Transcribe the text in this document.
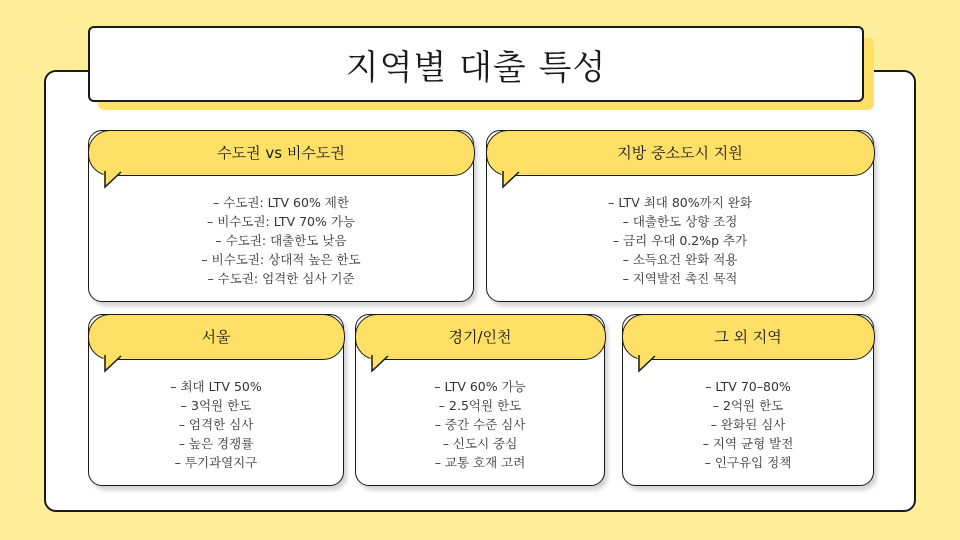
지역별 대출 특성
수도권 vs 비수도권
– 수도권: LTV 60% 제한
– 비수도권: LTV 70% 가능
– 수도권: 대출한도 낮음
– 비수도권: 상대적 높은 한도
– 수도권: 엄격한 심사 기준
지방 중소도시 지원
– LTV 최대 80%까지 완화
– 대출한도 상향 조정
– 금리 우대 0.2%p 추가
– 소득요건 완화 적용
– 지역발전 촉진 목적
서울
– 최대 LTV 50%
– 3억원 한도
– 엄격한 심사
– 높은 경쟁률
– 투기과열지구
경기/인천
– LTV 60% 가능
– 2.5억원 한도
– 중간 수준 심사
– 신도시 중심
– 교통 호재 고려
그 외 지역
– LTV 70–80%
– 2억원 한도
– 완화된 심사
– 지역 균형 발전
– 인구유입 정책
